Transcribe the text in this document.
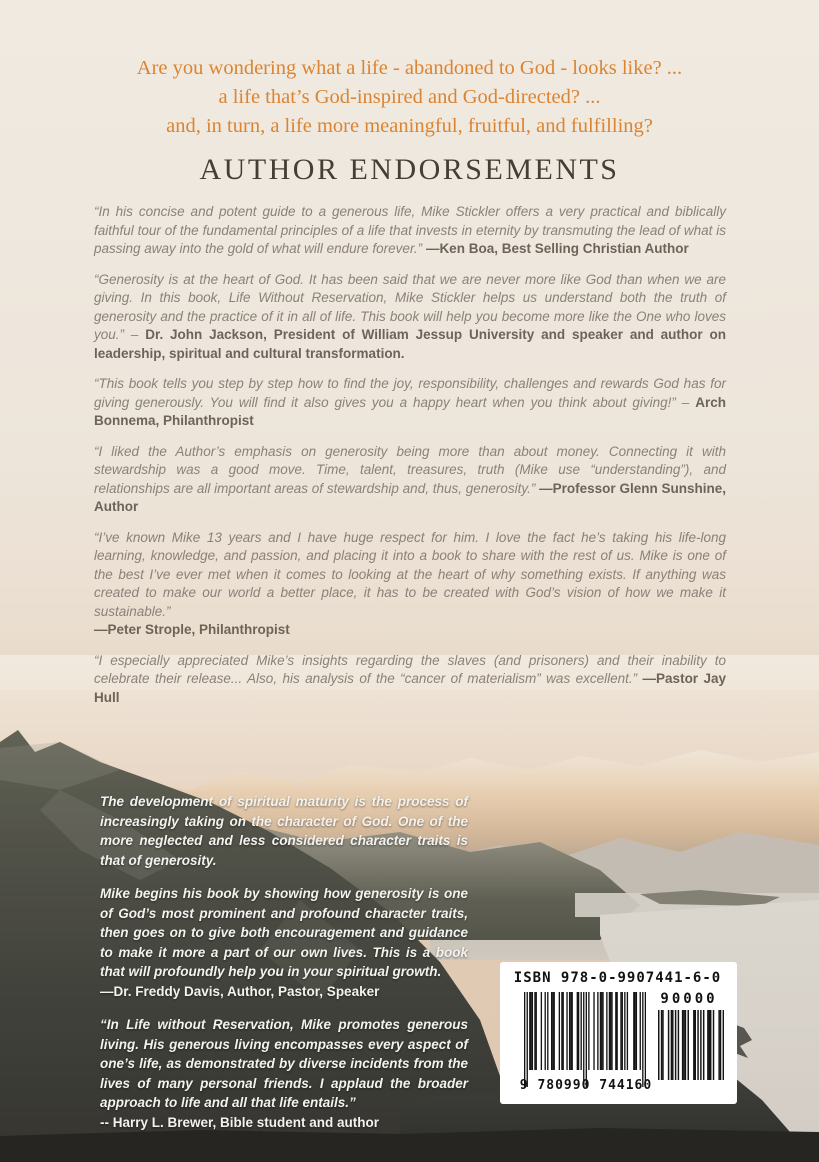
Are you wondering what a life - abandoned to God - looks like? ...
a life that’s God-inspired and God-directed? ...
and, in turn, a life more meaningful, fruitful, and fulfilling?
AUTHOR ENDORSEMENTS

“In his concise and potent guide to a generous life, Mike Stickler offers a very practical and biblically faithful tour of the fundamental principles of a life that invests in eternity by transmuting the lead of what is passing away into the gold of what will endure forever.” —Ken Boa, Best Selling Christian Author

“Generosity is at the heart of God. It has been said that we are never more like God than when we are giving. In this book, Life Without Reservation, Mike Stickler helps us understand both the truth of generosity and the practice of it in all of life. This book will help you become more like the One who loves you.” – Dr. John Jackson, President of William Jessup University and speaker and author on leadership, spiritual and cultural transformation.

“This book tells you step by step how to find the joy, responsibility, challenges and rewards God has for giving generously. You will find it also gives you a happy heart when you think about giving!” – Arch Bonnema, Philanthropist

“I liked the Author’s emphasis on generosity being more than about money. Connecting it with stewardship was a good move. Time, talent, treasures, truth (Mike use “understanding”), and relationships are all important areas of stewardship and, thus, generosity.” —Professor Glenn Sunshine, Author

“I’ve known Mike 13 years and I have huge respect for him. I love the fact he’s taking his life-long learning, knowledge, and passion, and placing it into a book to share with the rest of us. Mike is one of the best I’ve ever met when it comes to looking at the heart of why something exists. If anything was created to make our world a better place, it has to be created with God’s vision of how we make it sustainable.”
—Peter Strople, Philanthropist

“I especially appreciated Mike’s insights regarding the slaves (and prisoners) and their inability to celebrate their release... Also, his analysis of the “cancer of materialism” was excellent.” —Pastor Jay Hull

The development of spiritual maturity is the process of increasingly taking on the character of God. One of the more neglected and less considered character traits is that of generosity.

Mike begins his book by showing how generosity is one of God’s most prominent and profound character traits, then goes on to give both encouragement and guidance to make it more a part of our own lives. This is a book that will profoundly help you in your spiritual growth.
—Dr. Freddy Davis, Author, Pastor, Speaker

“In Life without Reservation, Mike promotes generous living. His generous living encompasses every aspect of one’s life, as demonstrated by diverse incidents from the lives of many personal friends. I applaud the broader approach to life and all that life entails.”
-- Harry L. Brewer, Bible student and author

ISBN 978-0-9907441-6-0
90000
9 780990 744160
